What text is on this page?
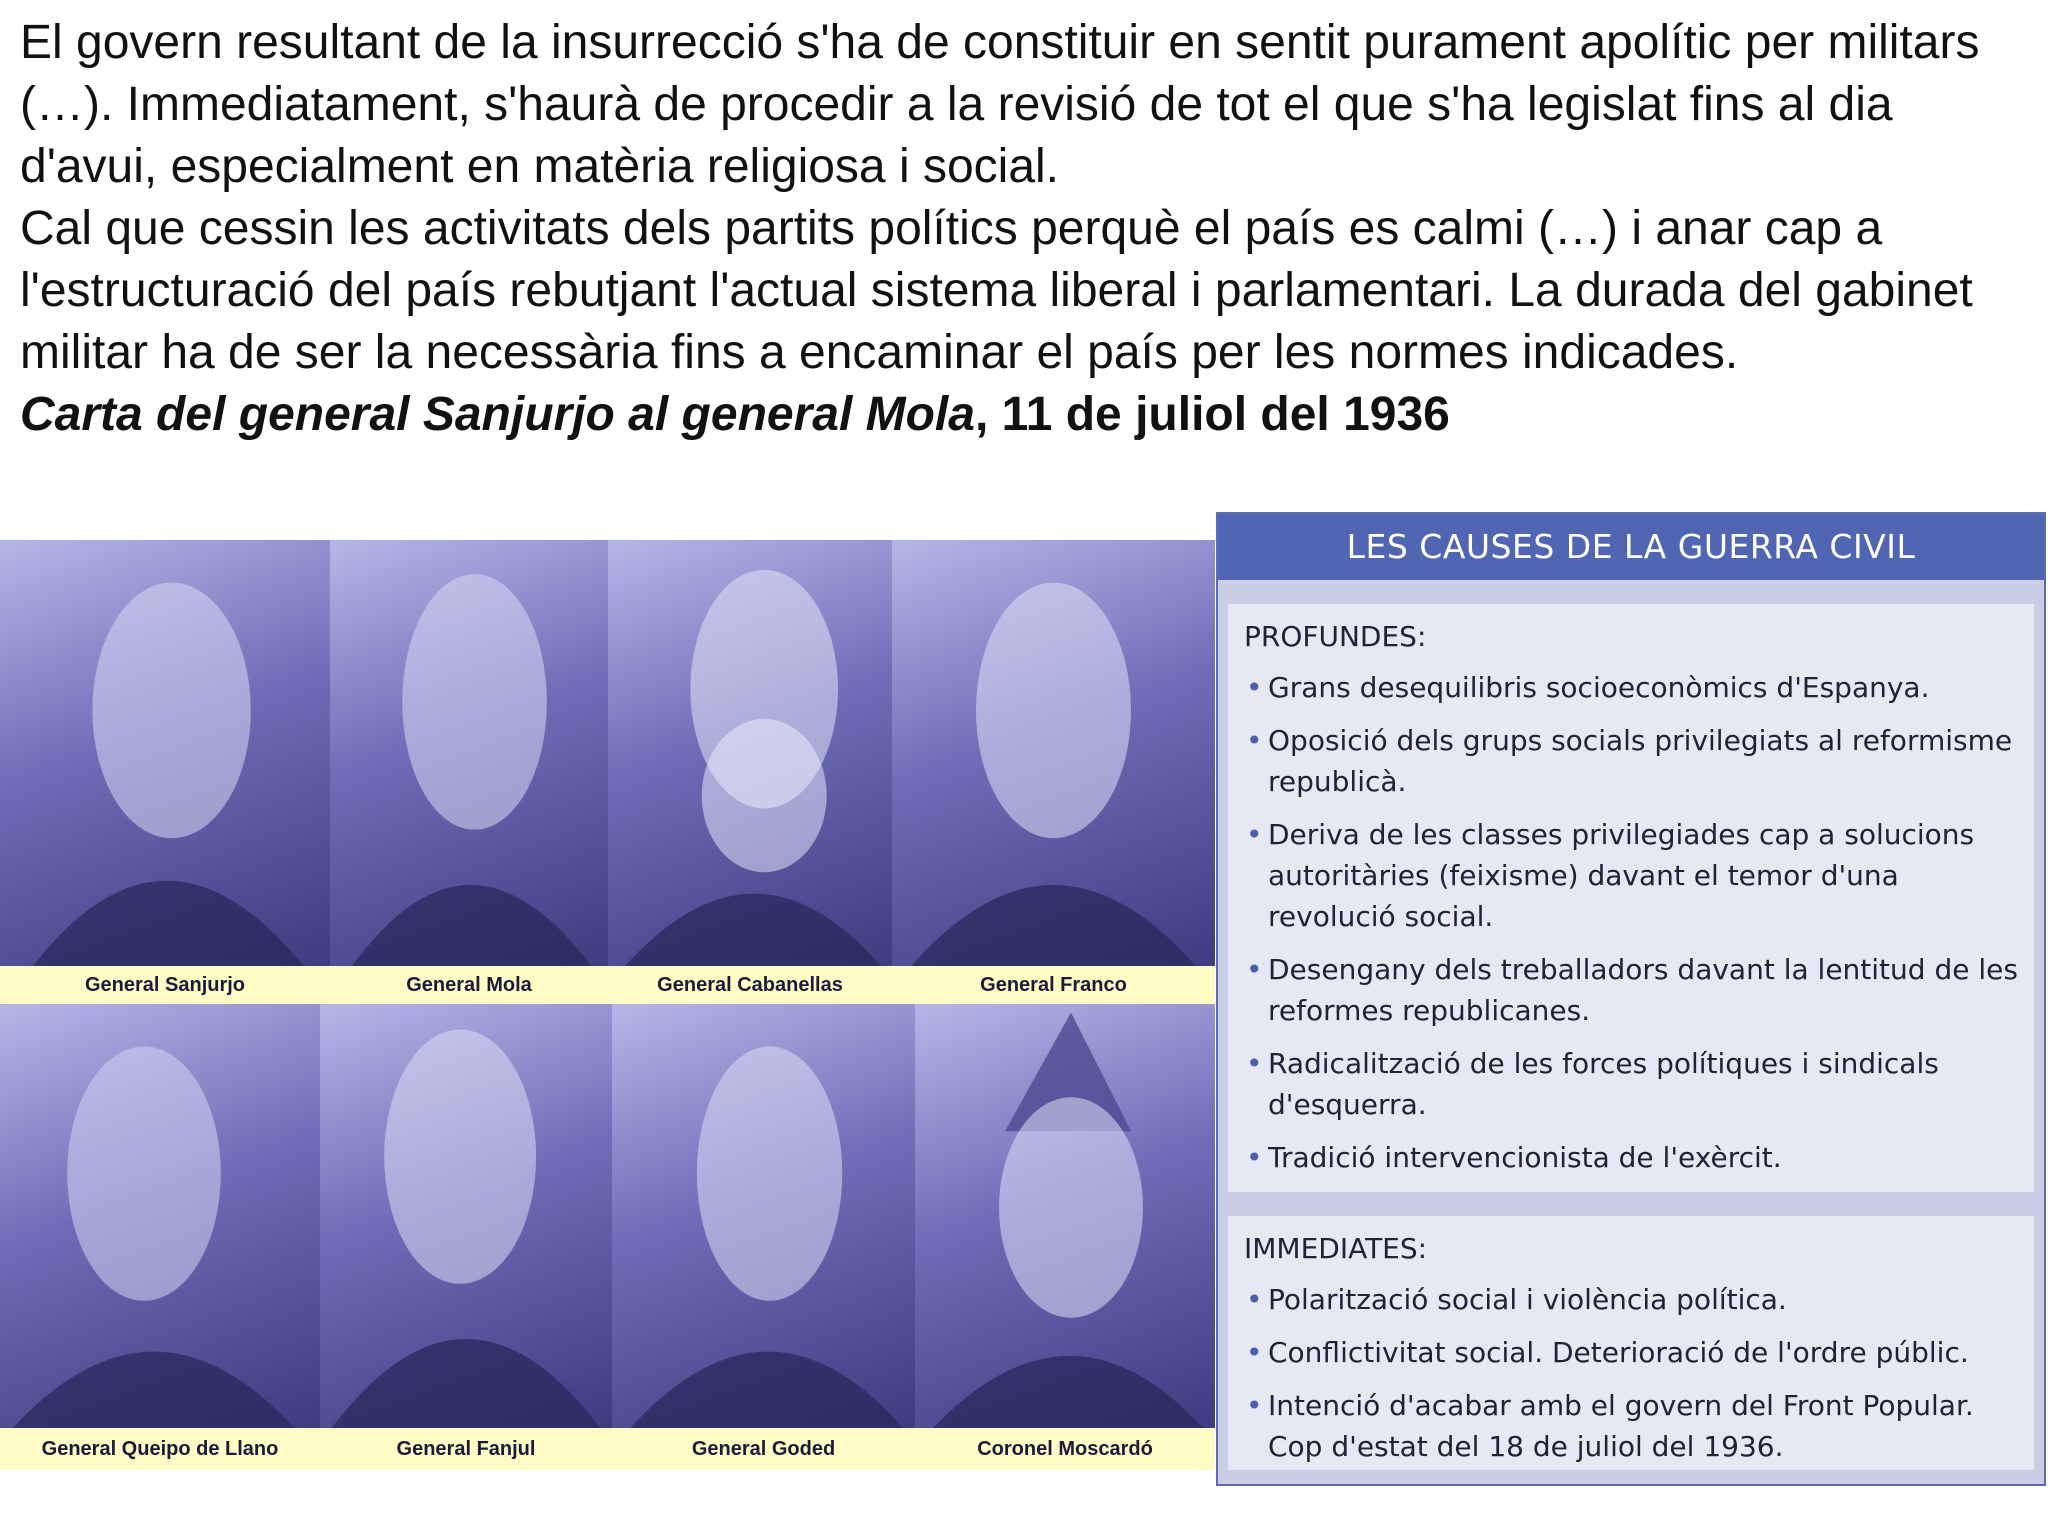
El govern resultant de la insurrecció s'ha de constituir en sentit purament apolític per militars (…). Immediatament, s'haurà de procedir a la revisió de tot el que s'ha legislat fins al dia d'avui, especialment en matèria religiosa i social.

Cal que cessin les activitats dels partits polítics perquè el país es calmi (…) i anar cap a l'estructuració del país rebutjant l'actual sistema liberal i parlamentari. La durada del gabinet militar ha de ser la necessària fins a encaminar el país per les normes indicades.

Carta del general Sanjurjo al general Mola, 11 de juliol del 1936

General Sanjurjo	General Mola	General Cabanellas	General Franco
General Queipo de Llano	General Fanjul	General Goded	Coronel Moscardó
LES CAUSES DE LA GUERRA CIVIL
PROFUNDES:
• Grans desequilibris socioeconòmics d'Espanya.
• Oposició dels grups socials privilegiats al reformisme republicà.
• Deriva de les classes privilegiades cap a solucions autoritàries (feixisme) davant el temor d'una revolució social.
• Desengany dels treballadors davant la lentitud de les reformes republicanes.
• Radicalització de les forces polítiques i sindicals d'esquerra.
• Tradició intervencionista de l'exèrcit.
IMMEDIATES:
• Polarització social i violència política.
• Conflictivitat social. Deterioració de l'ordre públic.
• Intenció d'acabar amb el govern del Front Popular. Cop d'estat del 18 de juliol del 1936.
